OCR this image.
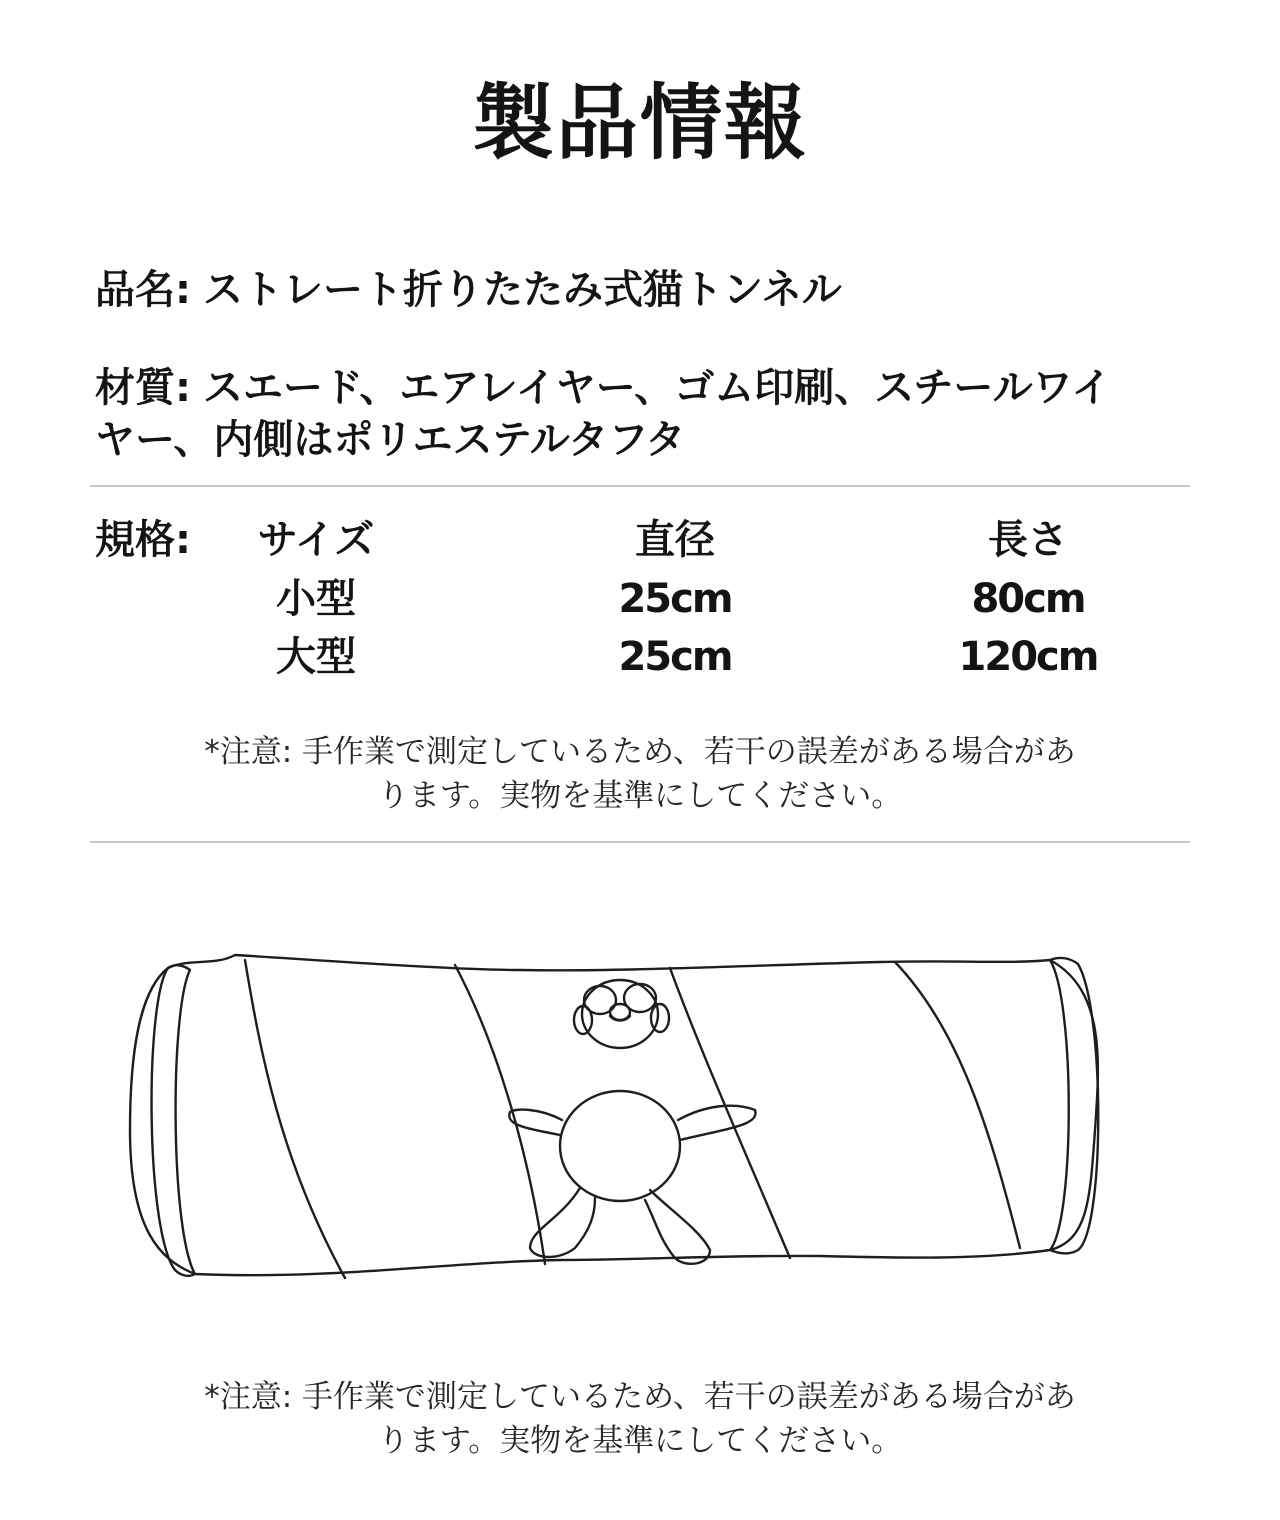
製品情報
品名: ストレート折りたたみ式猫トンネル
材質: スエード、エアレイヤー、ゴム印刷、スチールワイ
ヤー、内側はポリエステルタフタ
規格:	サイズ	直径	長さ
小型	25cm	80cm
大型	25cm	120cm
*注意: 手作業で測定しているため、若干の誤差がある場合があ
ります。実物を基準にしてください。
*注意: 手作業で測定しているため、若干の誤差がある場合があ
ります。実物を基準にしてください。
